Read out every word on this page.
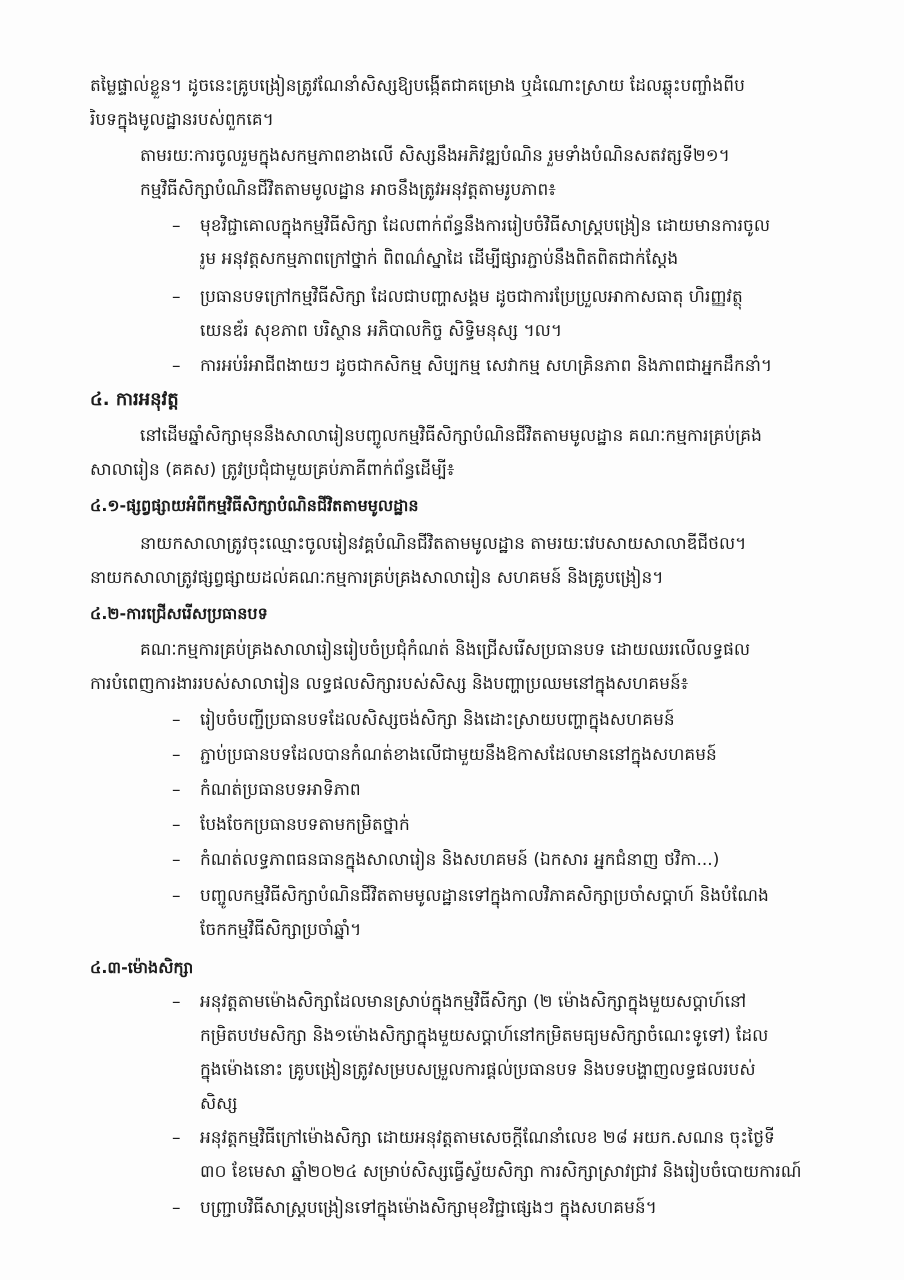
តម្លៃផ្ទាល់ខ្លួន។ ដូចនេះគ្រូបង្រៀនត្រូវណែនាំសិស្សឱ្យបង្កើតជាគម្រោង ឬដំណោះស្រាយ ដែលឆ្លុះបញ្ចាំងពីប
រិបទក្នុងមូលដ្ឋានរបស់ពួកគេ។
តាមរយៈការចូលរួមក្នុងសកម្មភាពខាងលើ សិស្សនឹងអភិវឌ្ឍបំណិន រួមទាំងបំណិនសតវត្សទី២១។
កម្មវិធីសិក្សាបំណិនជីវិតតាមមូលដ្ឋាន អាចនឹងត្រូវអនុវត្តតាមរូបភាព៖
– មុខវិជ្ជាគោលក្នុងកម្មវិធីសិក្សា ដែលពាក់ព័ន្ធនឹងការរៀបចំវិធីសាស្ត្របង្រៀន ដោយមានការចូល
រួម អនុវត្តសកម្មភាពក្រៅថ្នាក់ ពិពណ៌ស្នាដៃ ដើម្បីផ្សារភ្ជាប់នឹងពិតពិតជាក់ស្តែង
– ប្រធានបទក្រៅកម្មវិធីសិក្សា ដែលជាបញ្ហាសង្គម ដូចជាការប្រែប្រួលអាកាសធាតុ ហិរញ្ញវត្ថុ
យេនឌ័រ សុខភាព បរិស្ថាន អភិបាលកិច្ច សិទ្ធិមនុស្ស ។ល។
– ការអប់រំអាជីពងាយៗ ដូចជាកសិកម្ម សិប្បកម្ម សេវាកម្ម សហគ្រិនភាព និងភាពជាអ្នកដឹកនាំ។
៤. ការអនុវត្ត
នៅដើមឆ្នាំសិក្សាមុននឹងសាលារៀនបញ្ចូលកម្មវិធីសិក្សាបំណិនជីវិតតាមមូលដ្ឋាន គណៈកម្មការគ្រប់គ្រង
សាលារៀន (គគស) ត្រូវប្រជុំជាមួយគ្រប់ភាគីពាក់ព័ន្ធដើម្បី៖
៤.១-ផ្សព្វផ្សាយអំពីកម្មវិធីសិក្សាបំណិនជីវិតតាមមូលដ្ឋាន
នាយកសាលាត្រូវចុះឈ្មោះចូលរៀនវគ្គបំណិនជីវិតតាមមូលដ្ឋាន តាមរយៈវេបសាយសាលាឌីជីថល។
នាយកសាលាត្រូវផ្សព្វផ្សាយដល់គណៈកម្មការគ្រប់គ្រងសាលារៀន សហគមន៍ និងគ្រូបង្រៀន។
៤.២-ការជ្រើសរើសប្រធានបទ
គណៈកម្មការគ្រប់គ្រងសាលារៀនរៀបចំប្រជុំកំណត់ និងជ្រើសរើសប្រធានបទ ដោយឈរលើលទ្ធផល
ការបំពេញការងាររបស់សាលារៀន លទ្ធផលសិក្សារបស់សិស្ស និងបញ្ហាប្រឈមនៅក្នុងសហគមន៍៖
– រៀបចំបញ្ជីប្រធានបទដែលសិស្សចង់សិក្សា និងដោះស្រាយបញ្ហាក្នុងសហគមន៍
– ភ្ជាប់ប្រធានបទដែលបានកំណត់ខាងលើជាមួយនឹងឱកាសដែលមាននៅក្នុងសហគមន៍
– កំណត់ប្រធានបទអាទិភាព
– បែងចែកប្រធានបទតាមកម្រិតថ្នាក់
– កំណត់លទ្ធភាពធនធានក្នុងសាលារៀន និងសហគមន៍ (ឯកសារ អ្នកជំនាញ ថវិកា...)
– បញ្ចូលកម្មវិធីសិក្សាបំណិនជីវិតតាមមូលដ្ឋានទៅក្នុងកាលវិភាគសិក្សាប្រចាំសប្តាហ៍ និងបំណែង
ចែកកម្មវិធីសិក្សាប្រចាំឆ្នាំ។
៤.៣-ម៉ោងសិក្សា
– អនុវត្តតាមម៉ោងសិក្សាដែលមានស្រាប់ក្នុងកម្មវិធីសិក្សា (២ ម៉ោងសិក្សាក្នុងមួយសប្តាហ៍នៅ
កម្រិតបឋមសិក្សា និង១ម៉ោងសិក្សាក្នុងមួយសប្តាហ៍នៅកម្រិតមធ្យមសិក្សាចំណេះទូទៅ) ដែល
ក្នុងម៉ោងនោះ គ្រូបង្រៀនត្រូវសម្របសម្រួលការផ្តល់ប្រធានបទ និងបទបង្ហាញលទ្ធផលរបស់
សិស្ស
– អនុវត្តកម្មវិធីក្រៅម៉ោងសិក្សា ដោយអនុវត្តតាមសេចក្តីណែនាំលេខ ២៨ អយក.សណន ចុះថ្ងៃទី
៣០ ខែមេសា ឆ្នាំ២០២៤ សម្រាប់សិស្សធ្វើស្វ័យសិក្សា ការសិក្សាស្រាវជ្រាវ និងរៀបចំបោយការណ៍
– បញ្ជ្រាបវិធីសាស្ត្របង្រៀនទៅក្នុងម៉ោងសិក្សាមុខវិជ្ជាផ្សេងៗ ក្នុងសហគមន៍។
